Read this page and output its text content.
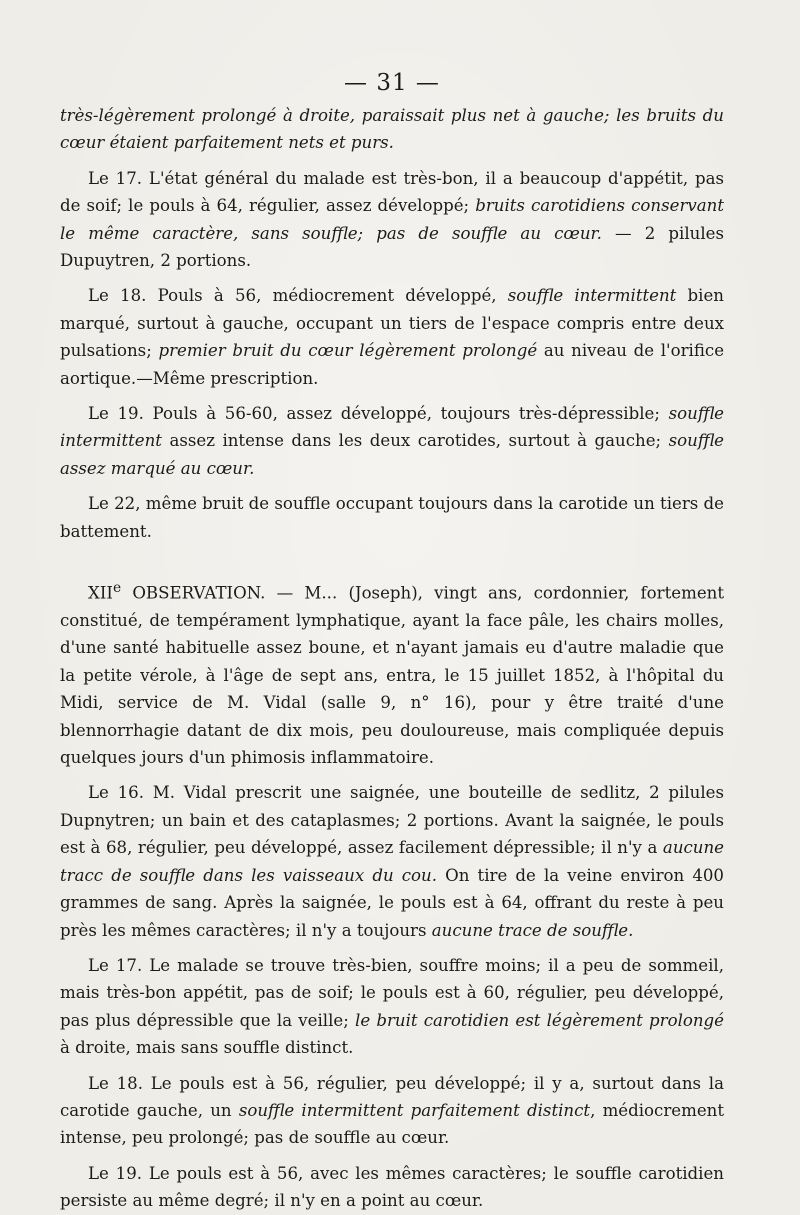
— 31 —

très-légèrement prolongé à droite, paraissait plus net à gauche; les bruits du cœur étaient parfaitement nets et purs.

Le 17. L'état général du malade est très-bon, il a beaucoup d'appétit, pas de soif; le pouls à 64, régulier, assez développé; bruits carotidiens conservant le même caractère, sans souffle; pas de souffle au cœur. — 2 pilules Dupuytren, 2 portions.

Le 18. Pouls à 56, médiocrement développé, souffle intermittent bien marqué, surtout à gauche, occupant un tiers de l'espace compris entre deux pulsations; premier bruit du cœur légèrement prolongé au niveau de l'orifice aortique.—Même prescription.

Le 19. Pouls à 56-60, assez développé, toujours très-dépressible; souffle intermittent assez intense dans les deux carotides, surtout à gauche; souffle assez marqué au cœur.

Le 22, même bruit de souffle occupant toujours dans la carotide un tiers de battement.

XIIe OBSERVATION. — M... (Joseph), vingt ans, cordonnier, fortement constitué, de tempérament lymphatique, ayant la face pâle, les chairs molles, d'une santé habituelle assez boune, et n'ayant jamais eu d'autre maladie que la petite vérole, à l'âge de sept ans, entra, le 15 juillet 1852, à l'hôpital du Midi, service de M. Vidal (salle 9, n° 16), pour y être traité d'une blennorrhagie datant de dix mois, peu douloureuse, mais compliquée depuis quelques jours d'un phimosis inflammatoire.

Le 16. M. Vidal prescrit une saignée, une bouteille de sedlitz, 2 pilules Dupnytren; un bain et des cataplasmes; 2 portions. Avant la saignée, le pouls est à 68, régulier, peu développé, assez facilement dépressible; il n'y a aucune tracc de souffle dans les vaisseaux du cou. On tire de la veine environ 400 grammes de sang. Après la saignée, le pouls est à 64, offrant du reste à peu près les mêmes caractères; il n'y a toujours aucune trace de souffle.

Le 17. Le malade se trouve très-bien, souffre moins; il a peu de sommeil, mais très-bon appétit, pas de soif; le pouls est à 60, régulier, peu développé, pas plus dépressible que la veille; le bruit carotidien est légèrement prolongé à droite, mais sans souffle distinct.

Le 18. Le pouls est à 56, régulier, peu développé; il y a, surtout dans la carotide gauche, un souffle intermittent parfaitement distinct, médiocrement intense, peu prolongé; pas de souffle au cœur.

Le 19. Le pouls est à 56, avec les mêmes caractères; le souffle carotidien persiste au même degré; il n'y en a point au cœur.
